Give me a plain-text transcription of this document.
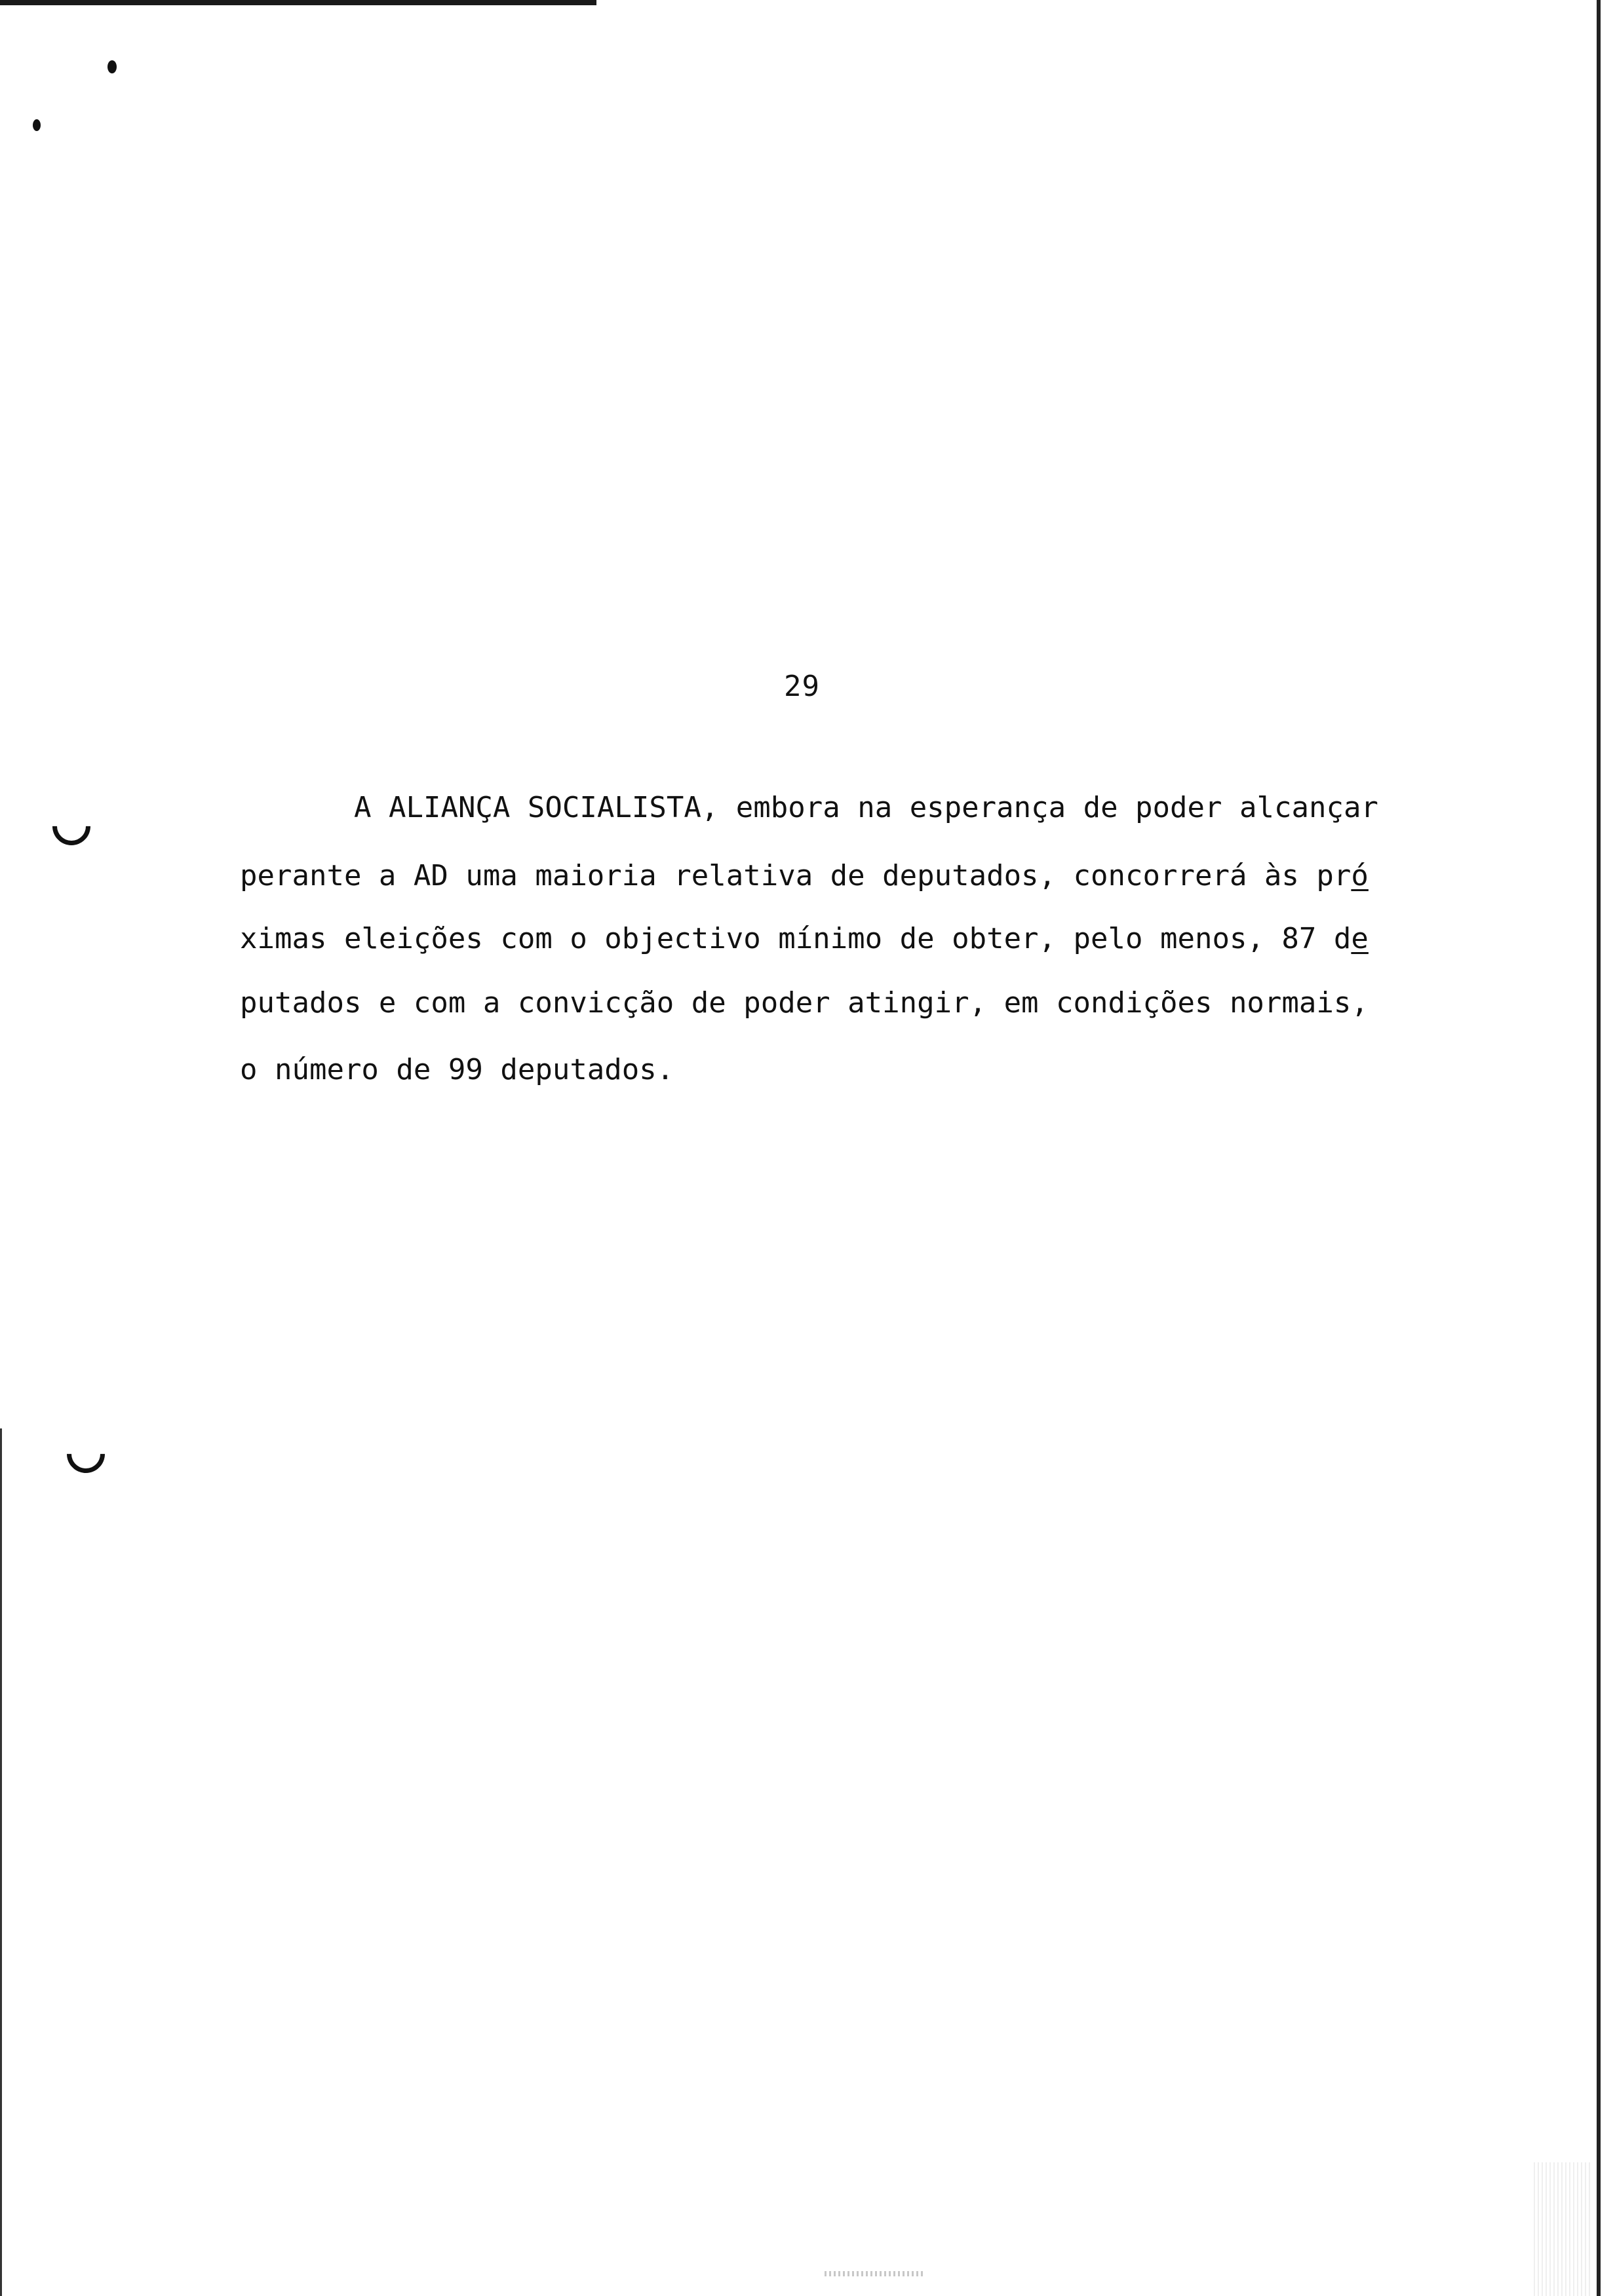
29
A ALIANÇA SOCIALISTA, embora na esperança de poder alcançar
perante a AD uma maioria relativa de deputados, concorrerá às pró
ximas eleições com o objectivo mínimo de obter, pelo menos, 87 de
putados e com a convicção de poder atingir, em condições normais,
o número de 99 deputados.
